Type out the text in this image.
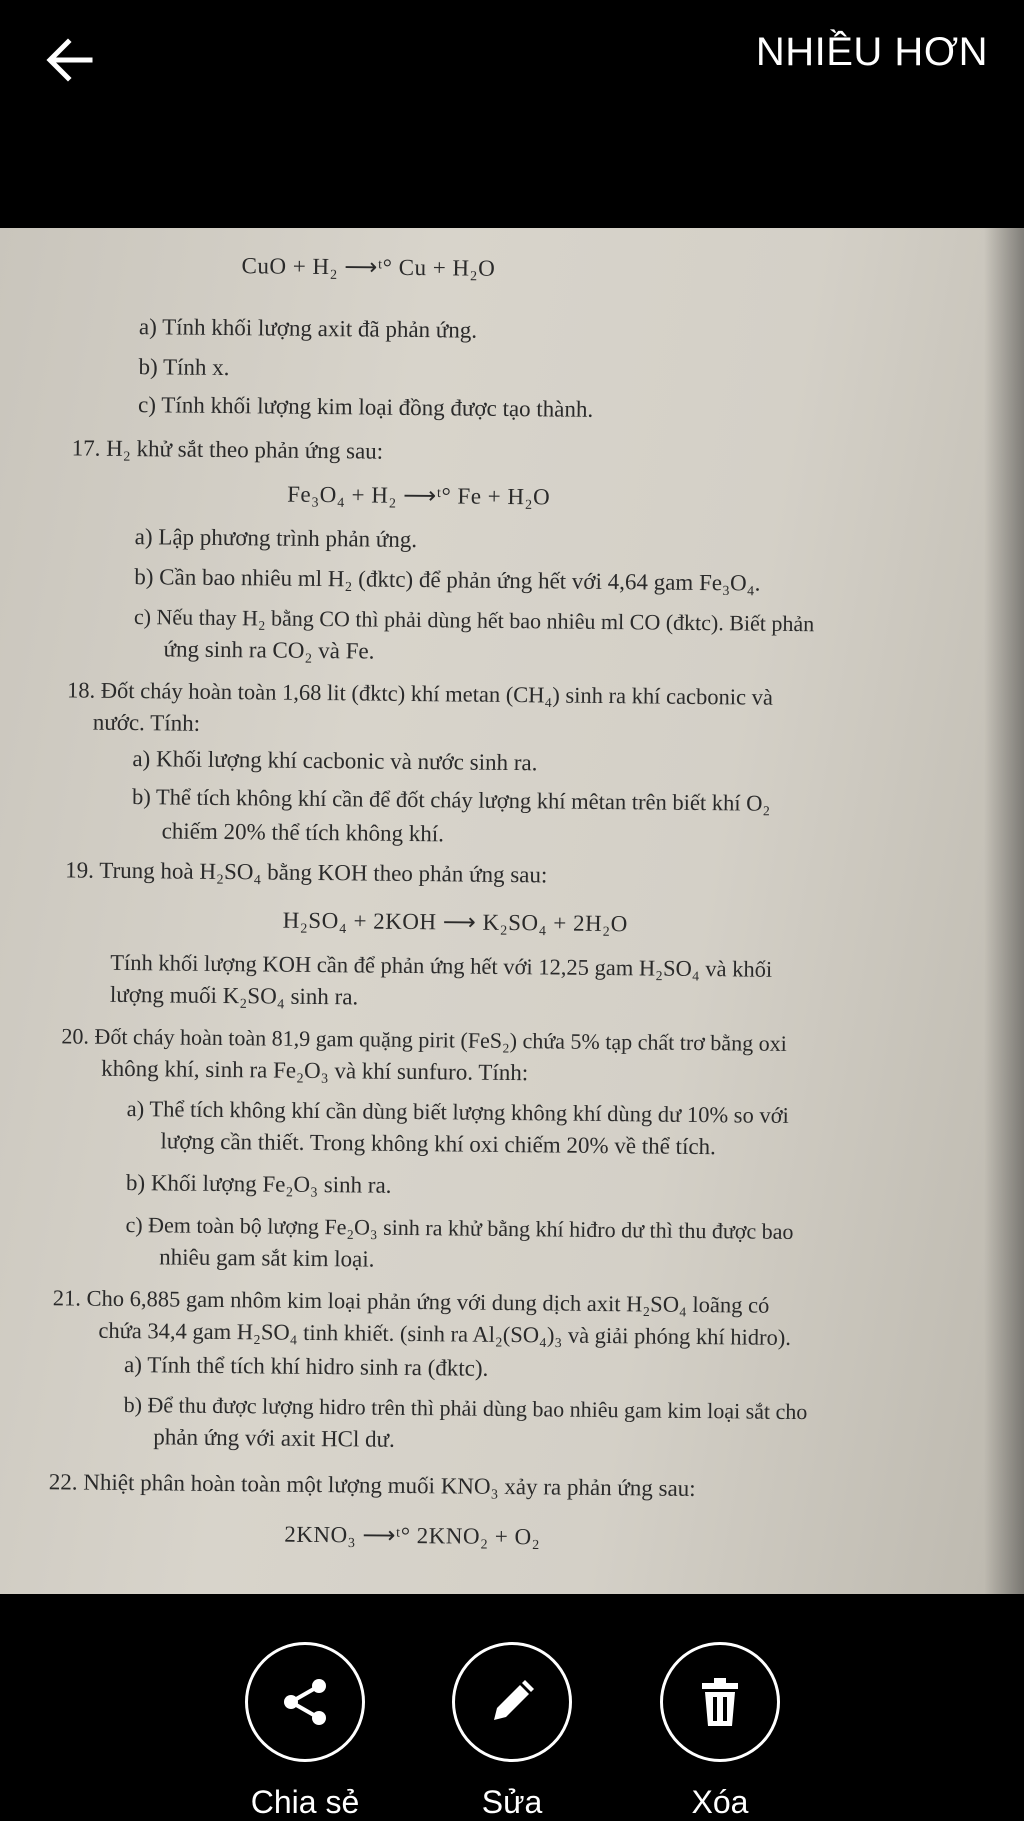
NHIỀU HƠN
CuO + H₂ ⟶ᵗ° Cu + H₂O
a) Tính khối lượng axit đã phản ứng.
b) Tính x.
c) Tính khối lượng kim loại đồng được tạo thành.
17. H₂ khử sắt theo phản ứng sau:
Fe₃O₄ + H₂ ⟶ᵗ° Fe + H₂O
a) Lập phương trình phản ứng.
b) Cần bao nhiêu ml H₂ (đktc) để phản ứng hết với 4,64 gam Fe₃O₄.
c) Nếu thay H₂ bằng CO thì phải dùng hết bao nhiêu ml CO (đktc). Biết phản
ứng sinh ra CO₂ và Fe.
18. Đốt cháy hoàn toàn 1,68 lit (đktc) khí metan (CH₄) sinh ra khí cacbonic và
nước. Tính:
a) Khối lượng khí cacbonic và nước sinh ra.
b) Thể tích không khí cần để đốt cháy lượng khí mêtan trên biết khí O₂
chiếm 20% thể tích không khí.
19. Trung hoà H₂SO₄ bằng KOH theo phản ứng sau:
H₂SO₄ + 2KOH ⟶ K₂SO₄ + 2H₂O
Tính khối lượng KOH cần để phản ứng hết với 12,25 gam H₂SO₄ và khối
lượng muối K₂SO₄ sinh ra.
20. Đốt cháy hoàn toàn 81,9 gam quặng pirit (FeS₂) chứa 5% tạp chất trơ bằng oxi
không khí, sinh ra Fe₂O₃ và khí sunfuro. Tính:
a) Thể tích không khí cần dùng biết lượng không khí dùng dư 10% so với
lượng cần thiết. Trong không khí oxi chiếm 20% về thể tích.
b) Khối lượng Fe₂O₃ sinh ra.
c) Đem toàn bộ lượng Fe₂O₃ sinh ra khử bằng khí hiđro dư thì thu được bao
nhiêu gam sắt kim loại.
21. Cho 6,885 gam nhôm kim loại phản ứng với dung dịch axit H₂SO₄ loãng có
chứa 34,4 gam H₂SO₄ tinh khiết. (sinh ra Al₂(SO₄)₃ và giải phóng khí hidro).
a) Tính thể tích khí hidro sinh ra (đktc).
b) Để thu được lượng hidro trên thì phải dùng bao nhiêu gam kim loại sắt cho
phản ứng với axit HCl dư.
22. Nhiệt phân hoàn toàn một lượng muối KNO₃ xảy ra phản ứng sau:
2KNO₃ ⟶ᵗ° 2KNO₂ + O₂
Chia sẻ	Sửa	Xóa
